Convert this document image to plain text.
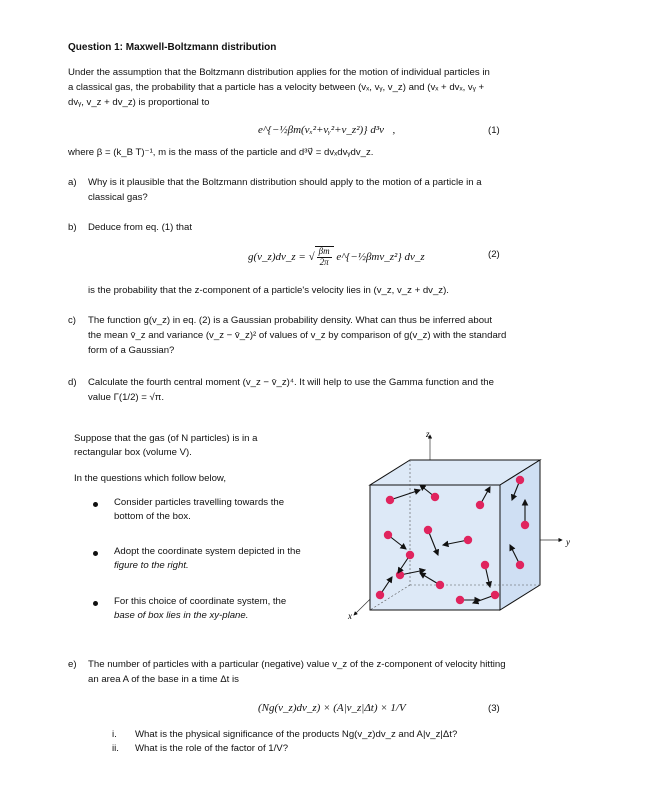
Question 1: Maxwell-Boltzmann distribution
Under the assumption that the Boltzmann distribution applies for the motion of individual particles in
a classical gas, the probability that a particle has a velocity between (vₓ, vᵧ, v_z) and (vₓ + dvₓ, vᵧ +
dvᵧ, v_z + dv_z) is proportional to
e^{−½βm(vₓ²+vᵧ²+v_z²)} d³v⃗,	(1)
where β = (k_B T)⁻¹, m is the mass of the particle and d³v⃗ = dvₓdvᵧdv_z.
a) Why is it plausible that the Boltzmann distribution should apply to the motion of a particle in a
classical gas?
b) Deduce from eq. (1) that
g(v_z)dv_z = √ $\frac{\beta m}{2\pi}$ e^{−½βmv_z²} dv_z	(2)
is the probability that the z-component of a particle's velocity lies in (v_z, v_z + dv_z).
c) The function g(v_z) in eq. (2) is a Gaussian probability density. What can thus be inferred about
the mean v̄_z and variance (v_z − v̄_z)² of values of v_z by comparison of g(v_z) with the standard
form of a Gaussian?
d) Calculate the fourth central moment (v_z − v̄_z)⁴. It will help to use the Gamma function and the
value Γ(1/2) = √π.
Suppose that the gas (of N particles) is in a
rectangular box (volume V).
In the questions which follow below,
Consider particles travelling towards the
bottom of the box.
Adopt the coordinate system depicted in the
figure to the right.
For this choice of coordinate system, the
base of box lies in the xy-plane.
z
y
x
e) The number of particles with a particular (negative) value v_z of the z-component of velocity hitting
an area A of the base in a time Δt is
(Ng(v_z)dv_z) × (A|v_z|Δt) × 1/V	(3)
i. What is the physical significance of the products Ng(v_z)dv_z and A|v_z|Δt?
ii. What is the role of the factor of 1/V?
